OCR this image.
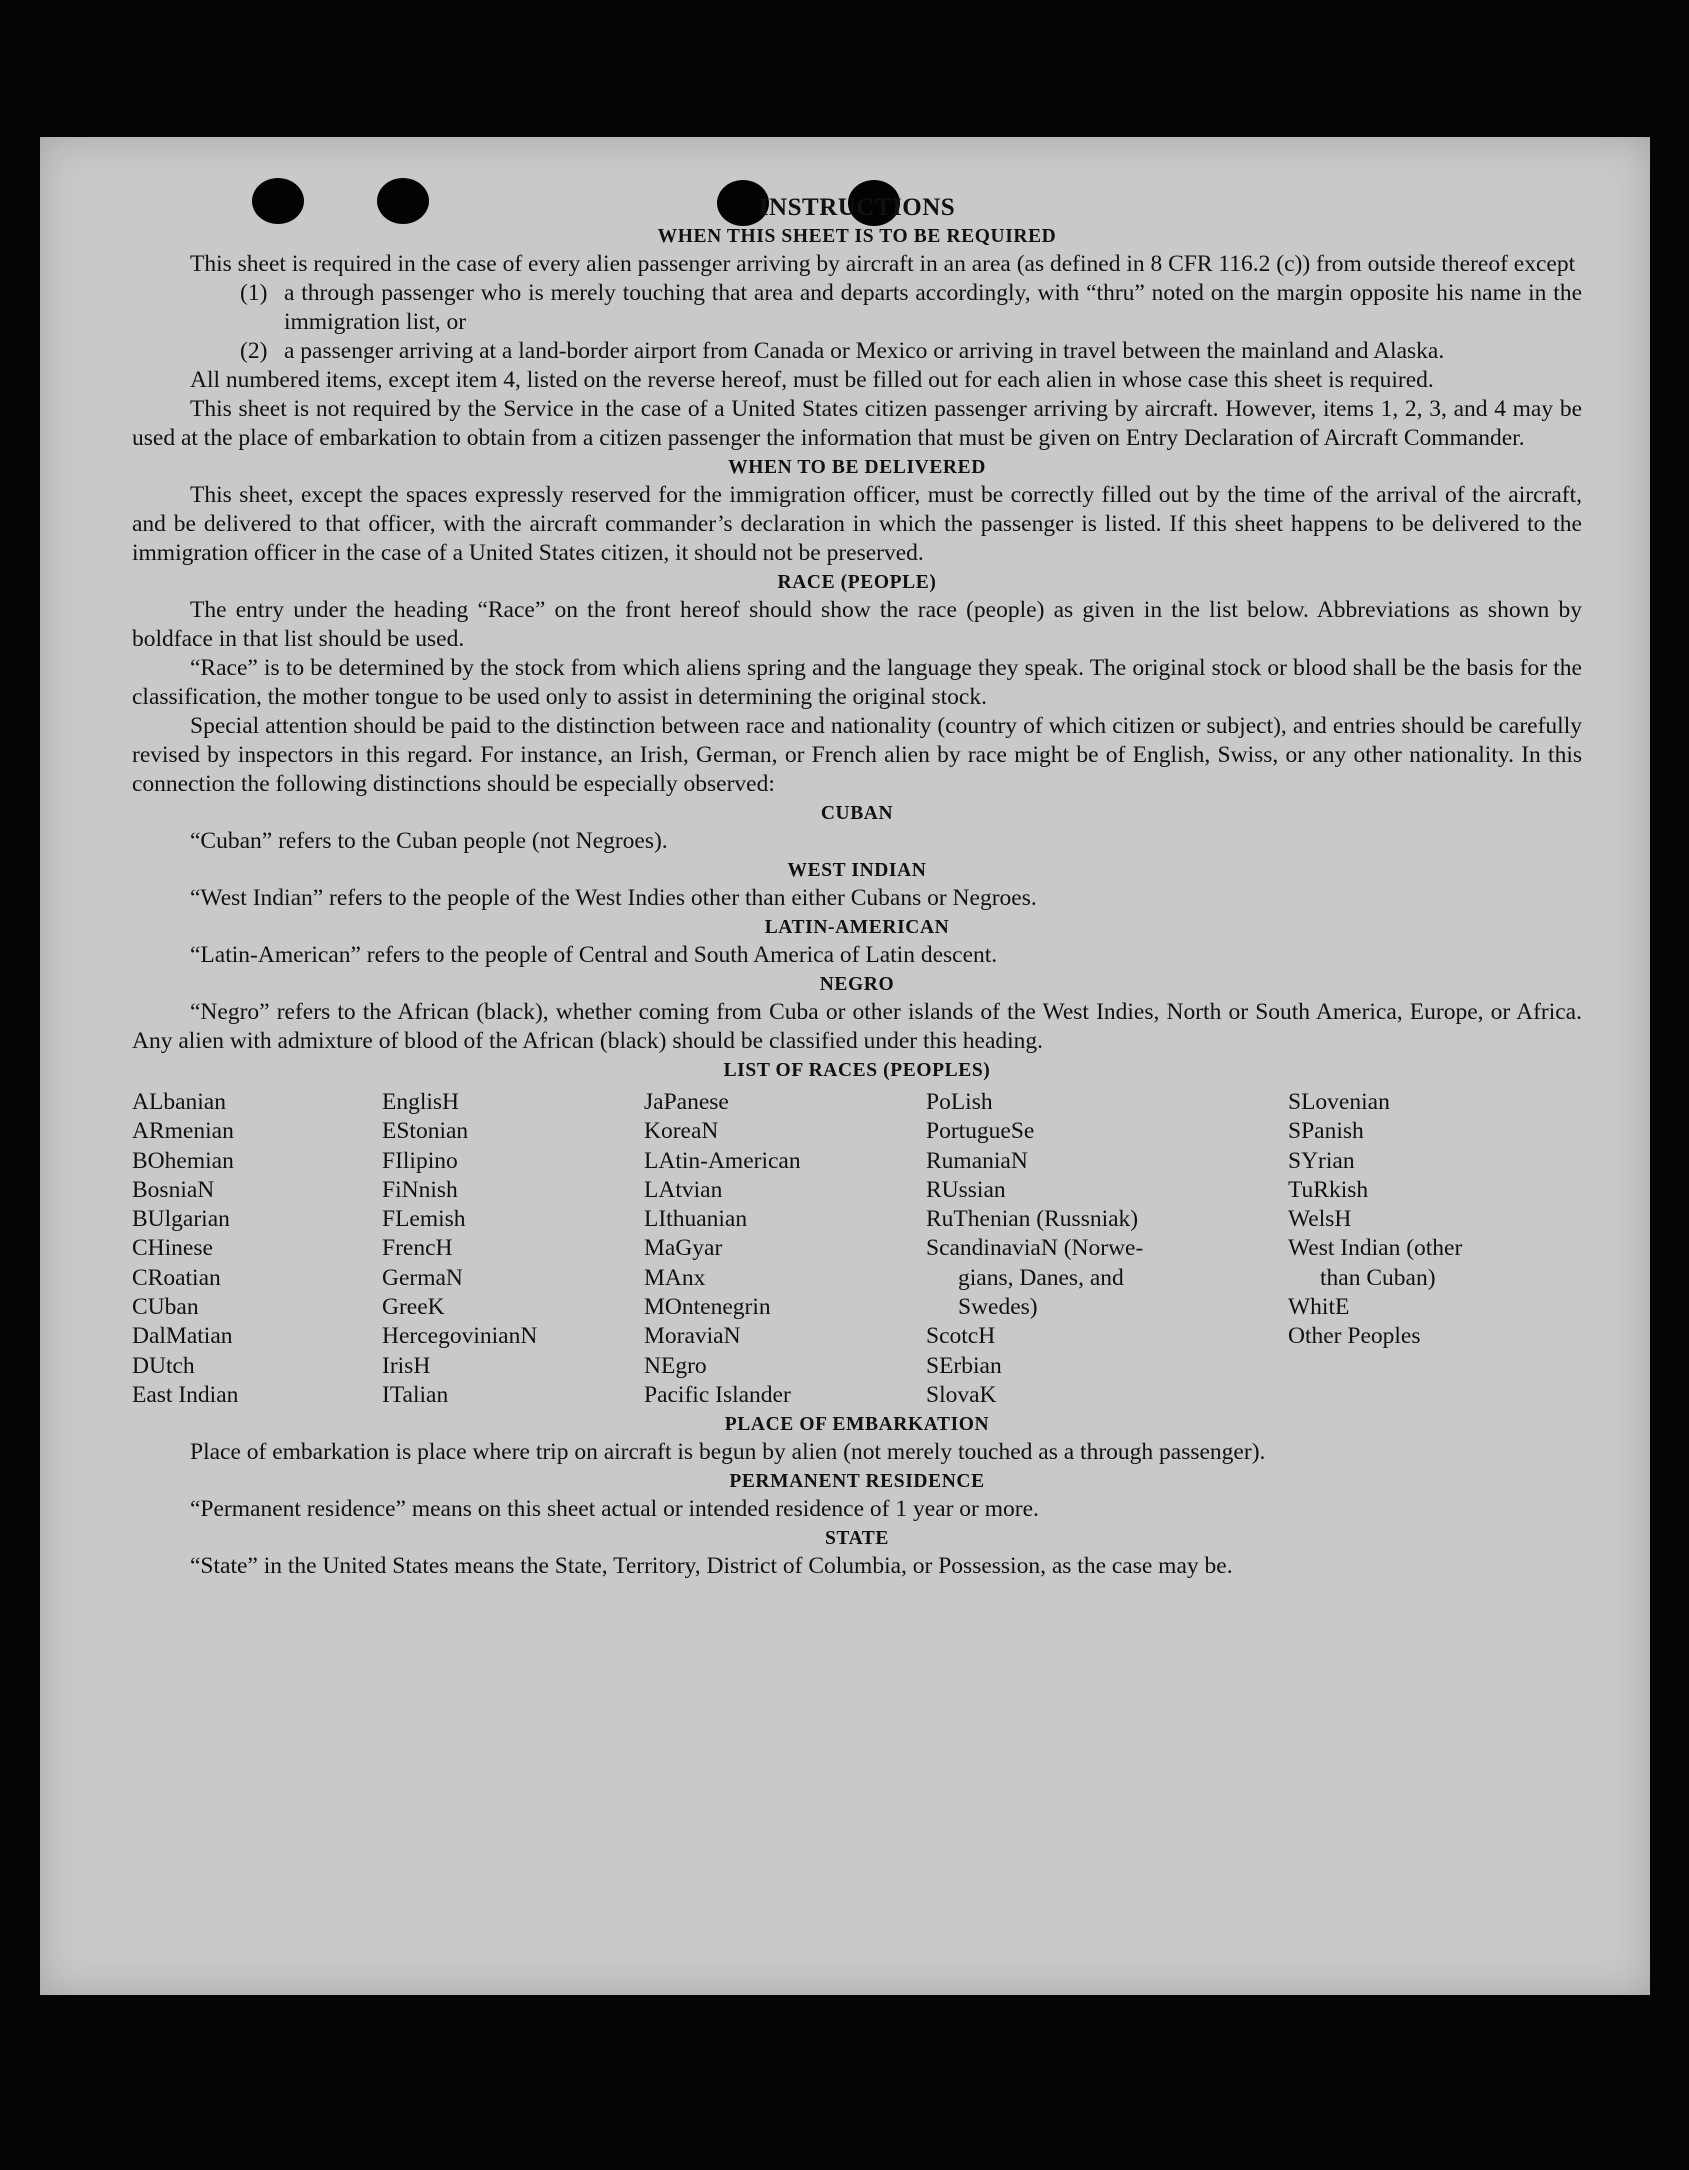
INSTRUCTIONS
WHEN THIS SHEET IS TO BE REQUIRED

This sheet is required in the case of every alien passenger arriving by aircraft in an area (as defined in 8 CFR 116.2 (c)) from outside thereof except

(1) a through passenger who is merely touching that area and departs accordingly, with “thru” noted on the margin opposite his name in the immigration list, or
(2) a passenger arriving at a land-border airport from Canada or Mexico or arriving in travel between the mainland and Alaska.

All numbered items, except item 4, listed on the reverse hereof, must be filled out for each alien in whose case this sheet is required.

This sheet is not required by the Service in the case of a United States citizen passenger arriving by aircraft. However, items 1, 2, 3, and 4 may be used at the place of embarkation to obtain from a citizen passenger the information that must be given on Entry Declaration of Aircraft Commander.

WHEN TO BE DELIVERED

This sheet, except the spaces expressly reserved for the immigration officer, must be correctly filled out by the time of the arrival of the aircraft, and be delivered to that officer, with the aircraft commander’s declaration in which the passenger is listed. If this sheet happens to be delivered to the immigration officer in the case of a United States citizen, it should not be preserved.

RACE (PEOPLE)

The entry under the heading “Race” on the front hereof should show the race (people) as given in the list below. Abbreviations as shown by boldface in that list should be used.

“Race” is to be determined by the stock from which aliens spring and the language they speak. The original stock or blood shall be the basis for the classification, the mother tongue to be used only to assist in determining the original stock.

Special attention should be paid to the distinction between race and nationality (country of which citizen or subject), and entries should be carefully revised by inspectors in this regard. For instance, an Irish, German, or French alien by race might be of English, Swiss, or any other nationality. In this connection the following distinctions should be especially observed:

CUBAN

“Cuban” refers to the Cuban people (not Negroes).

WEST INDIAN

“West Indian” refers to the people of the West Indies other than either Cubans or Negroes.

LATIN-AMERICAN

“Latin-American” refers to the people of Central and South America of Latin descent.

NEGRO

“Negro” refers to the African (black), whether coming from Cuba or other islands of the West Indies, North or South America, Europe, or Africa. Any alien with admixture of blood of the African (black) should be classified under this heading.

LIST OF RACES (PEOPLES)
ALbanian
ARmenian
BOhemian
BosniaN
BUlgarian
CHinese
CRoatian
CUban
DalMatian
DUtch
East Indian
EnglisH
EStonian
FIlipino
FiNnish
FLemish
FrencH
GermaN
GreeK
HercegovinianN
IrisH
ITalian
JaPanese
KoreaN
LAtin-American
LAtvian
LIthuanian
MaGyar
MAnx
MOntenegrin
MoraviaN
NEgro
Pacific Islander
PoLish
PortugueSe
RumaniaN
RUssian
RuThenian (Russniak)
ScandinaviaN (Norwe-
gians, Danes, and
Swedes)
ScotcH
SErbian
SlovaK
SLovenian
SPanish
SYrian
TuRkish
WelsH
West Indian (other
than Cuban)
WhitE
Other Peoples
PLACE OF EMBARKATION

Place of embarkation is place where trip on aircraft is begun by alien (not merely touched as a through passenger).

PERMANENT RESIDENCE

“Permanent residence” means on this sheet actual or intended residence of 1 year or more.

STATE

“State” in the United States means the State, Territory, District of Columbia, or Possession, as the case may be.
